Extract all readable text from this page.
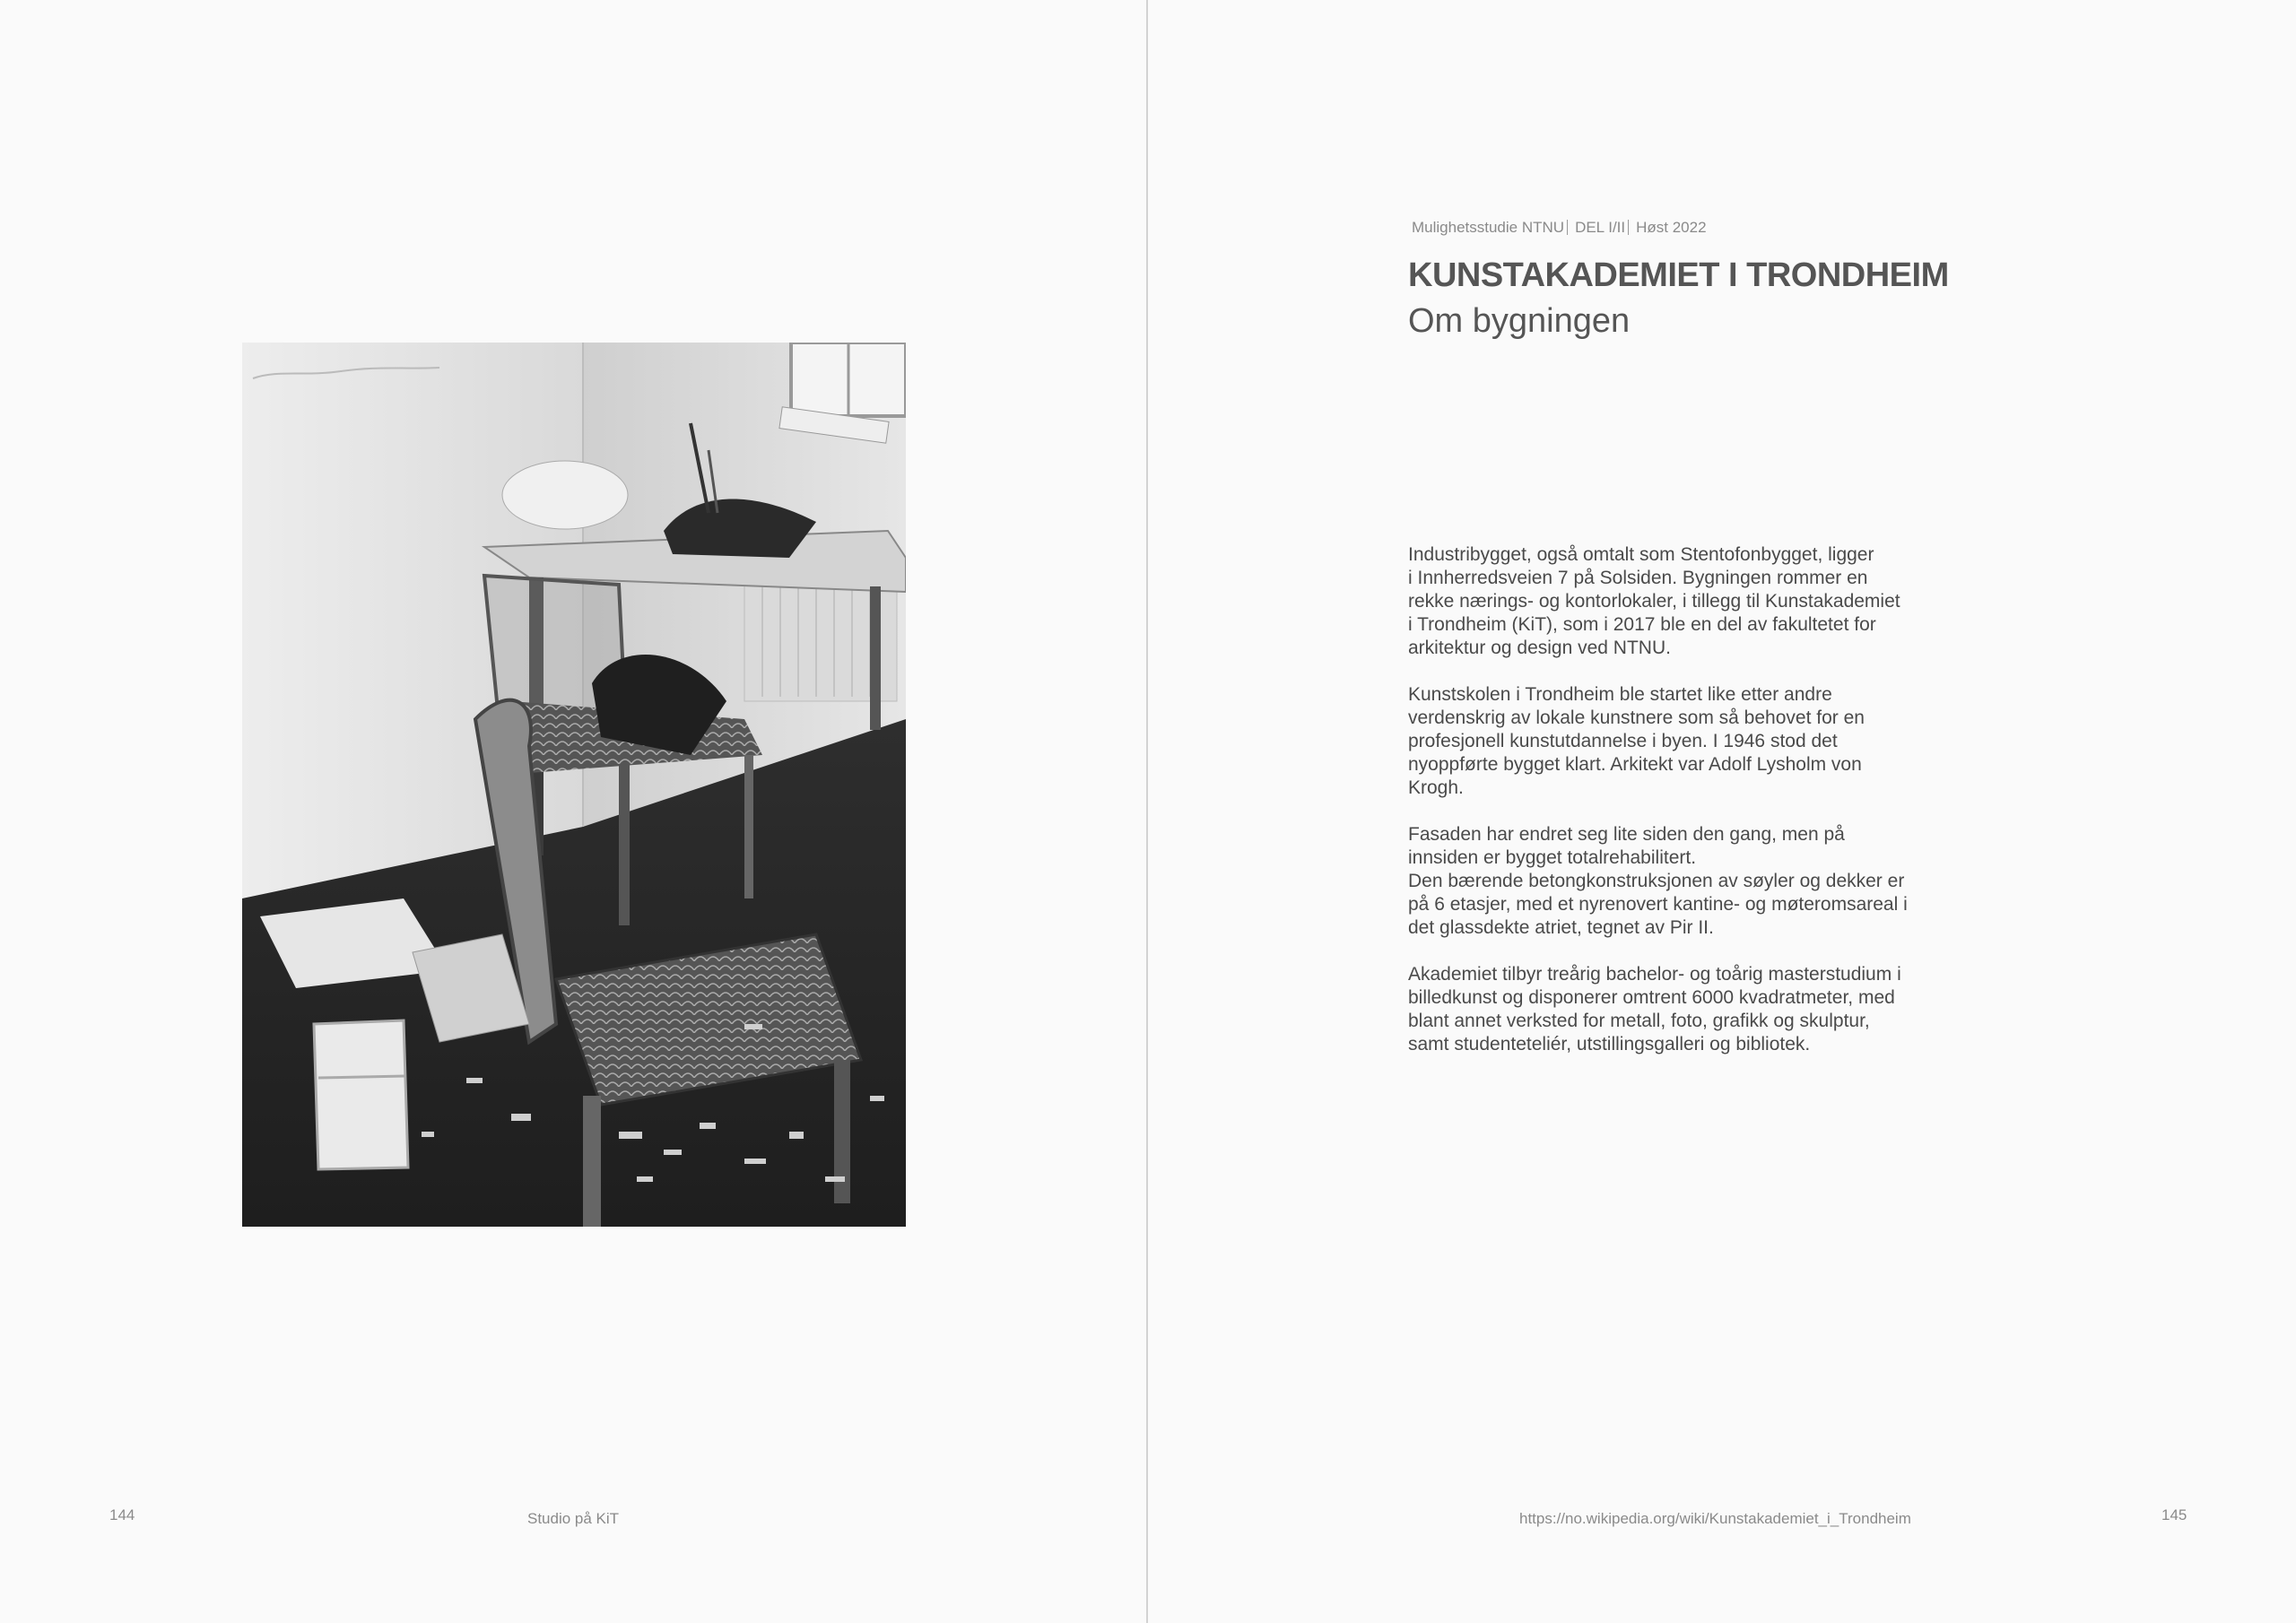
144	Studio på KiT
Mulighetsstudie NTNU DEL I/II Høst 2022
KUNSTAKADEMIET I TRONDHEIM
Om bygningen

Industribygget, også omtalt som Stentofonbygget, ligger
i Innherredsveien 7 på Solsiden. Bygningen rommer en
rekke nærings- og kontorlokaler, i tillegg til Kunstakademiet
i Trondheim (KiT), som i 2017 ble en del av fakultetet for
arkitektur og design ved NTNU.

Kunstskolen i Trondheim ble startet like etter andre
verdenskrig av lokale kunstnere som så behovet for en
profesjonell kunstutdannelse i byen. I 1946 stod det
nyoppførte bygget klart. Arkitekt var Adolf Lysholm von
Krogh.

Fasaden har endret seg lite siden den gang, men på
innsiden er bygget totalrehabilitert.
Den bærende betongkonstruksjonen av søyler og dekker er
på 6 etasjer, med et nyrenovert kantine- og møteromsareal i
det glassdekte atriet, tegnet av Pir II.

Akademiet tilbyr treårig bachelor- og toårig masterstudium i
billedkunst og disponerer omtrent 6000 kvadratmeter, med
blant annet verksted for metall, foto, grafikk og skulptur,
samt studenteteliér, utstillingsgalleri og bibliotek.

https://no.wikipedia.org/wiki/Kunstakademiet_i_Trondheim	145
